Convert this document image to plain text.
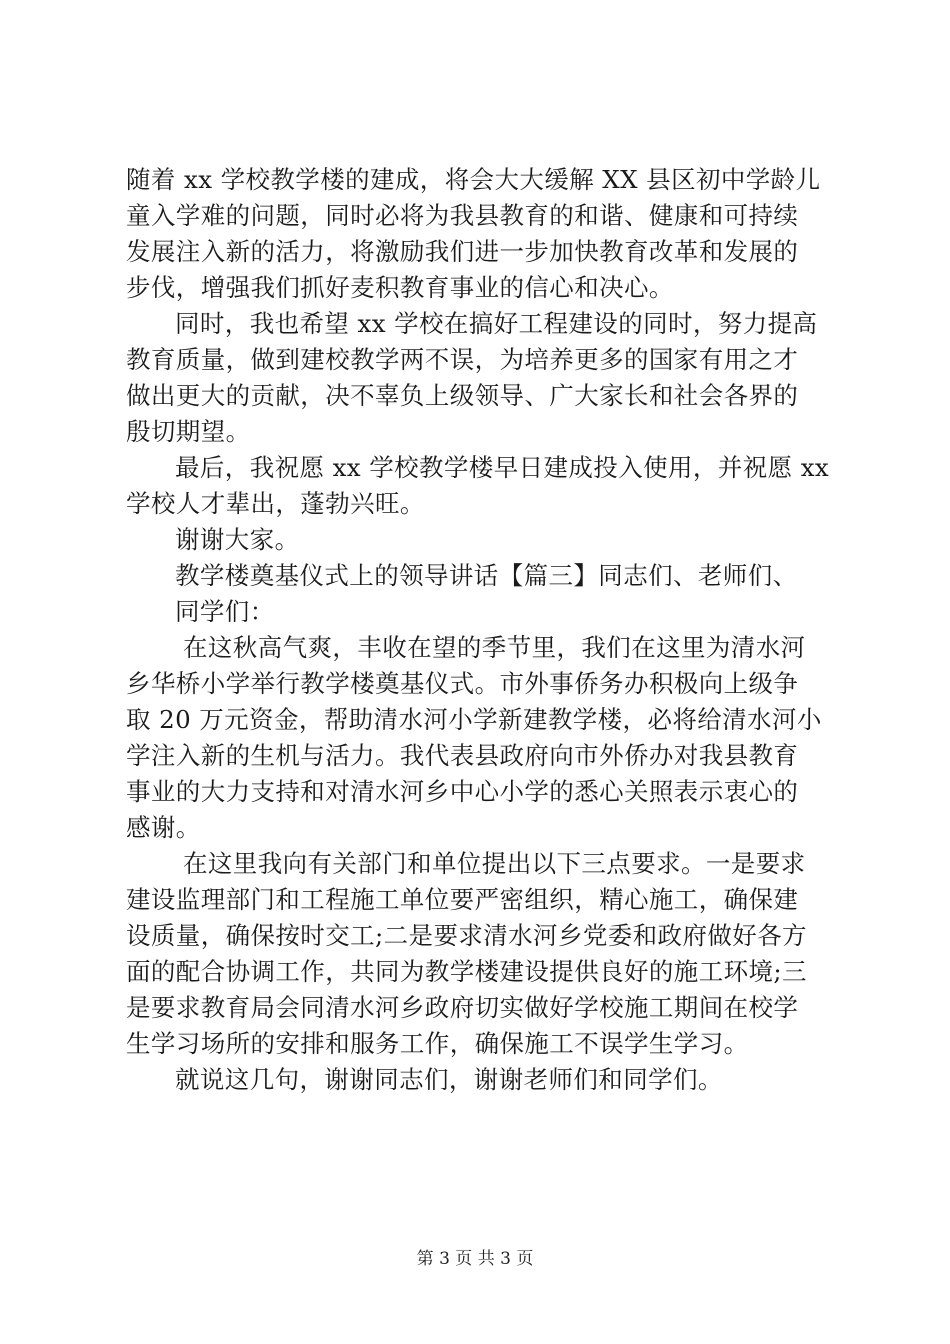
随着 xx 学校教学楼的建成，将会大大缓解 XX 县区初中学龄儿
童入学难的问题，同时必将为我县教育的和谐、健康和可持续
发展注入新的活力，将激励我们进一步加快教育改革和发展的
步伐，增强我们抓好麦积教育事业的信心和决心。
同时，我也希望 xx 学校在搞好工程建设的同时，努力提高
教育质量，做到建校教学两不误，为培养更多的国家有用之才
做出更大的贡献，决不辜负上级领导、广大家长和社会各界的
殷切期望。
最后，我祝愿 xx 学校教学楼早日建成投入使用，并祝愿 xx
学校人才辈出，蓬勃兴旺。
谢谢大家。
教学楼奠基仪式上的领导讲话【篇三】同志们、老师们、
同学们：
在这秋高气爽，丰收在望的季节里，我们在这里为清水河
乡华桥小学举行教学楼奠基仪式。市外事侨务办积极向上级争
取 20 万元资金，帮助清水河小学新建教学楼，必将给清水河小
学注入新的生机与活力。我代表县政府向市外侨办对我县教育
事业的大力支持和对清水河乡中心小学的悉心关照表示衷心的
感谢。
在这里我向有关部门和单位提出以下三点要求。一是要求
建设监理部门和工程施工单位要严密组织，精心施工，确保建
设质量，确保按时交工;二是要求清水河乡党委和政府做好各方
面的配合协调工作，共同为教学楼建设提供良好的施工环境;三
是要求教育局会同清水河乡政府切实做好学校施工期间在校学
生学习场所的安排和服务工作，确保施工不误学生学习。
就说这几句，谢谢同志们，谢谢老师们和同学们。
第 3 页 共 3 页
